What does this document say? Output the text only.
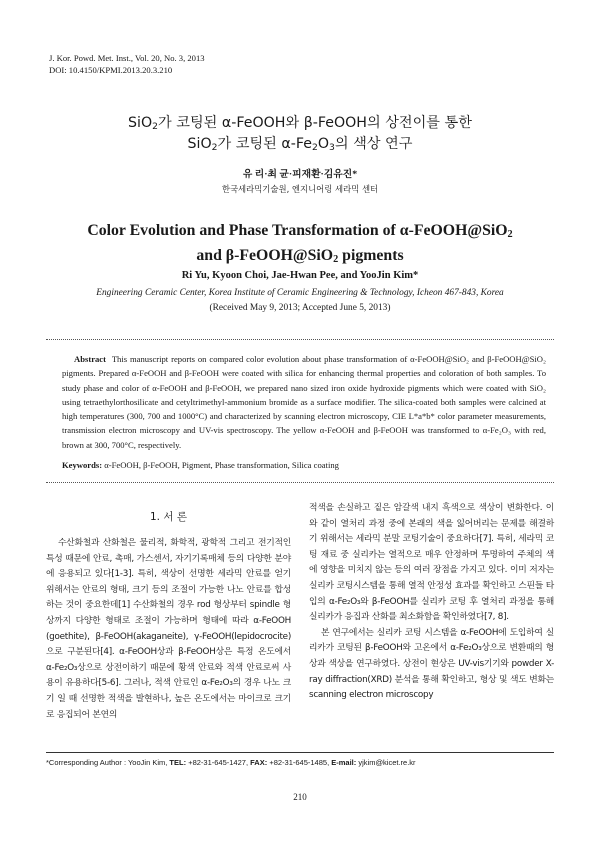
J. Kor. Powd. Met. Inst., Vol. 20, No. 3, 2013
DOI: 10.4150/KPMI.2013.20.3.210
SiO$_2$가 코팅된 α-FeOOH와 β-FeOOH의 상전이를 통한
SiO$_2$가 코팅된 $\alpha-Fe_2O_3$의 색상 연구
유 리·최 균·피재환·김유진*
한국세라믹기술원, 엔지니어링 세라믹 센터
Color Evolution and Phase Transformation of α-FeOOH@SiO$_2$
and β-FeOOH@SiO$_2$ pigments
Ri Yu, Kyoon Choi, Jae-Hwan Pee, and YooJin Kim*
Engineering Ceramic Center, Korea Institute of Ceramic Engineering & Technology, Icheon 467-843, Korea
(Received May 9, 2013; Accepted June 5, 2013)
Abstract This manuscript reports on compared color evolution about phase transformation of α-FeOOH@SiO₂ and β-FeOOH@SiO₂ pigments. Prepared α-FeOOH and β-FeOOH were coated with silica for enhancing thermal properties and coloration of both samples. To study phase and color of α-FeOOH and β-FeOOH, we prepared nano sized iron oxide hydroxide pigments which were coated with SiO₂ using tetraethylorthosilicate and cetyltrimethyl-ammonium bromide as a surface modifier. The silica-coated both samples were calcined at high temperatures (300, 700 and 1000°C) and characterized by scanning electron microscopy, CIE L*a*b* color parameter measurements, transmission electron microscopy and UV-vis spectroscopy. The yellow α-FeOOH and β-FeOOH was transformed to α-Fe₂O₃ with red, brown at 300, 700°C, respectively.
Keywords: α-FeOOH, β-FeOOH, Pigment, Phase transformation, Silica coating
1. 서 론

수산화철과 산화철은 물리적, 화학적, 광학적 그리고 전기적인 특성 때문에 안료, 촉매, 가스센서, 자기기록매체 등의 다양한 분야에 응용되고 있다[1-3]. 특히, 색상이 선명한 세라믹 안료를 얻기 위해서는 안료의 형태, 크기 등의 조절이 가능한 나노 안료를 합성하는 것이 중요한데[1] 수산화철의 경우 rod 형상부터 spindle 형상까지 다양한 형태로 조절이 가능하며 형태에 따라 α-FeOOH (goethite), β-FeOOH(akaganeite), γ-FeOOH(lepidocrocite)으로 구분된다[4]. α-FeOOH상과 β-FeOOH상은 특정 온도에서 α-Fe₂O₃상으로 상전이하기 때문에 황색 안료와 적색 안료로써 사용이 유용하다[5-6]. 그러나, 적색 안료인 α-Fe₂O₃의 경우 나노 크기 일 때 선명한 적색을 발현하나, 높은 온도에서는 마이크로 크기로 응집되어 본연의

적색을 손실하고 짙은 암갈색 내지 흑색으로 색상이 변화한다. 이와 같이 열처리 과정 중에 본래의 색을 잃어버리는 문제를 해결하기 위해서는 세라믹 분말 코팅기술이 중요하다[7]. 특히, 세라믹 코팅 재료 중 실리카는 열적으로 매우 안정하며 투명하여 주체의 색에 영향을 미치지 않는 등의 여러 장점을 가지고 있다. 이미 저자는 실리카 코팅시스템을 통해 열적 안정성 효과를 확인하고 스핀들 타입의 α-Fe₂O₃와 β-FeOOH를 실리카 코팅 후 열처리 과정을 통해 실리카가 응집과 산화를 최소화함을 확인하였다[7, 8].

본 연구에서는 실리카 코팅 시스템을 α-FeOOH에 도입하여 실리카가 코팅된 β-FeOOH와 고온에서 α-Fe₂O₃상으로 변환때의 형상과 색상을 연구하였다. 상전이 현상은 UV-vis기기와 powder X-ray diffraction(XRD) 분석을 통해 확인하고, 형상 및 색도 변화는 scanning electron microscopy

*Corresponding Author : YooJin Kim, TEL: +82-31-645-1427, FAX: +82-31-645-1485, E-mail: yjkim@kicet.re.kr
210
